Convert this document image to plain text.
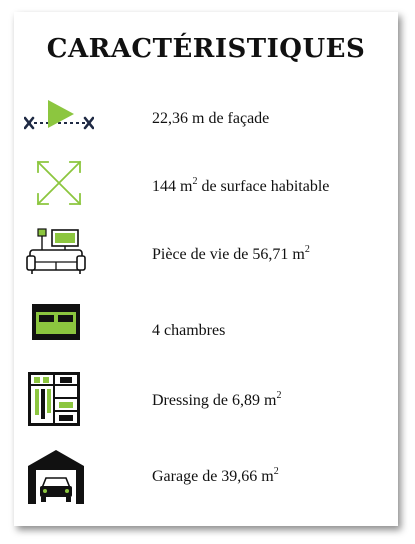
CARACTÉRISTIQUES
22,36 m de façade
144 $m^2$ de surface habitable
Pièce de vie de 56,71 $m^2$
4 chambres
Dressing de 6,89 $m^2$
Garage de 39,66 $m^2$
